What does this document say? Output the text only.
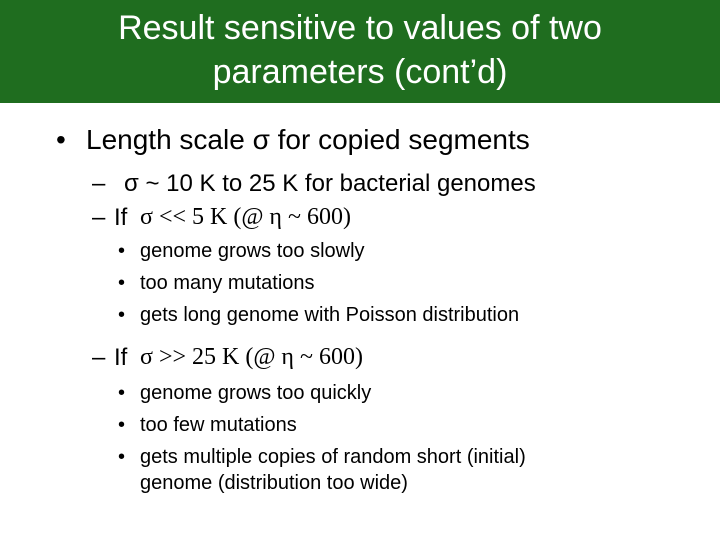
Result sensitive to values of two
parameters (cont’d)
• Length scale σ for copied segments
– σ ~ 10 K to 25 K for bacterial genomes
– If σ << 5 K (@ η ~ 600)
• genome grows too slowly
• too many mutations
• gets long genome with Poisson distribution
– If σ >> 25 K (@ η ~ 600)
• genome grows too quickly
• too few mutations
• gets multiple copies of random short (initial)
genome (distribution too wide)
